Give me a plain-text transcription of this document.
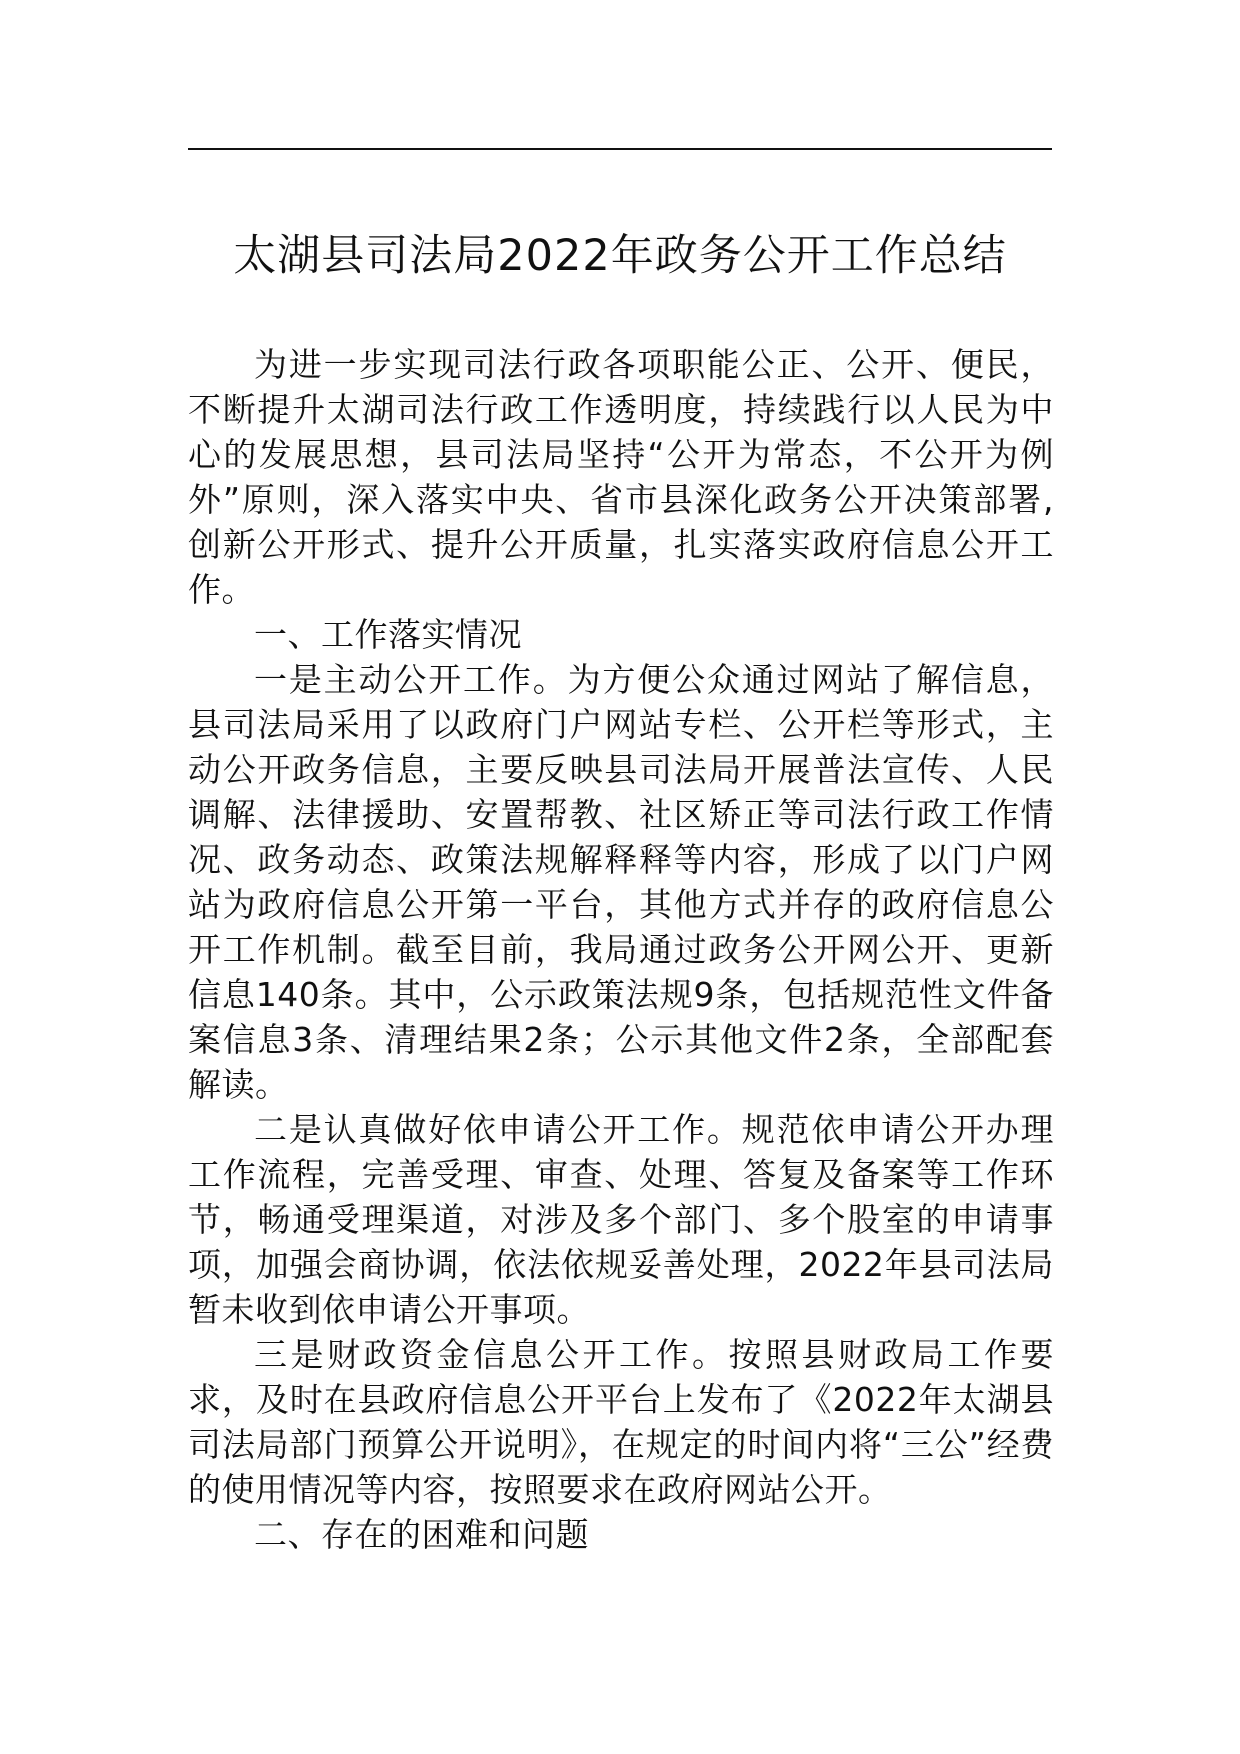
太湖县司法局2022年政务公开工作总结

为进一步实现司法行政各项职能公正、公开、便民，不断提升太湖司法行政工作透明度，持续践行以人民为中心的发展思想，县司法局坚持“公开为常态，不公开为例外”原则，深入落实中央、省市县深化政务公开决策部署,创新公开形式、提升公开质量，扎实落实政府信息公开工作。

一、工作落实情况

一是主动公开工作。为方便公众通过网站了解信息，县司法局采用了以政府门户网站专栏、公开栏等形式，主动公开政务信息，主要反映县司法局开展普法宣传、人民调解、法律援助、安置帮教、社区矫正等司法行政工作情况、政务动态、政策法规解释释等内容，形成了以门户网站为政府信息公开第一平台，其他方式并存的政府信息公开工作机制。截至目前，我局通过政务公开网公开、更新信息140条。其中，公示政策法规9条，包括规范性文件备案信息3条、清理结果2条；公示其他文件2条，全部配套解读。

二是认真做好依申请公开工作。规范依申请公开办理工作流程，完善受理、审查、处理、答复及备案等工作环节，畅通受理渠道，对涉及多个部门、多个股室的申请事项，加强会商协调，依法依规妥善处理，2022年县司法局暂未收到依申请公开事项。

三是财政资金信息公开工作。按照县财政局工作要求，及时在县政府信息公开平台上发布了《2022年太湖县司法局部门预算公开说明》，在规定的时间内将“三公”经费的使用情况等内容，按照要求在政府网站公开。

二、存在的困难和问题
